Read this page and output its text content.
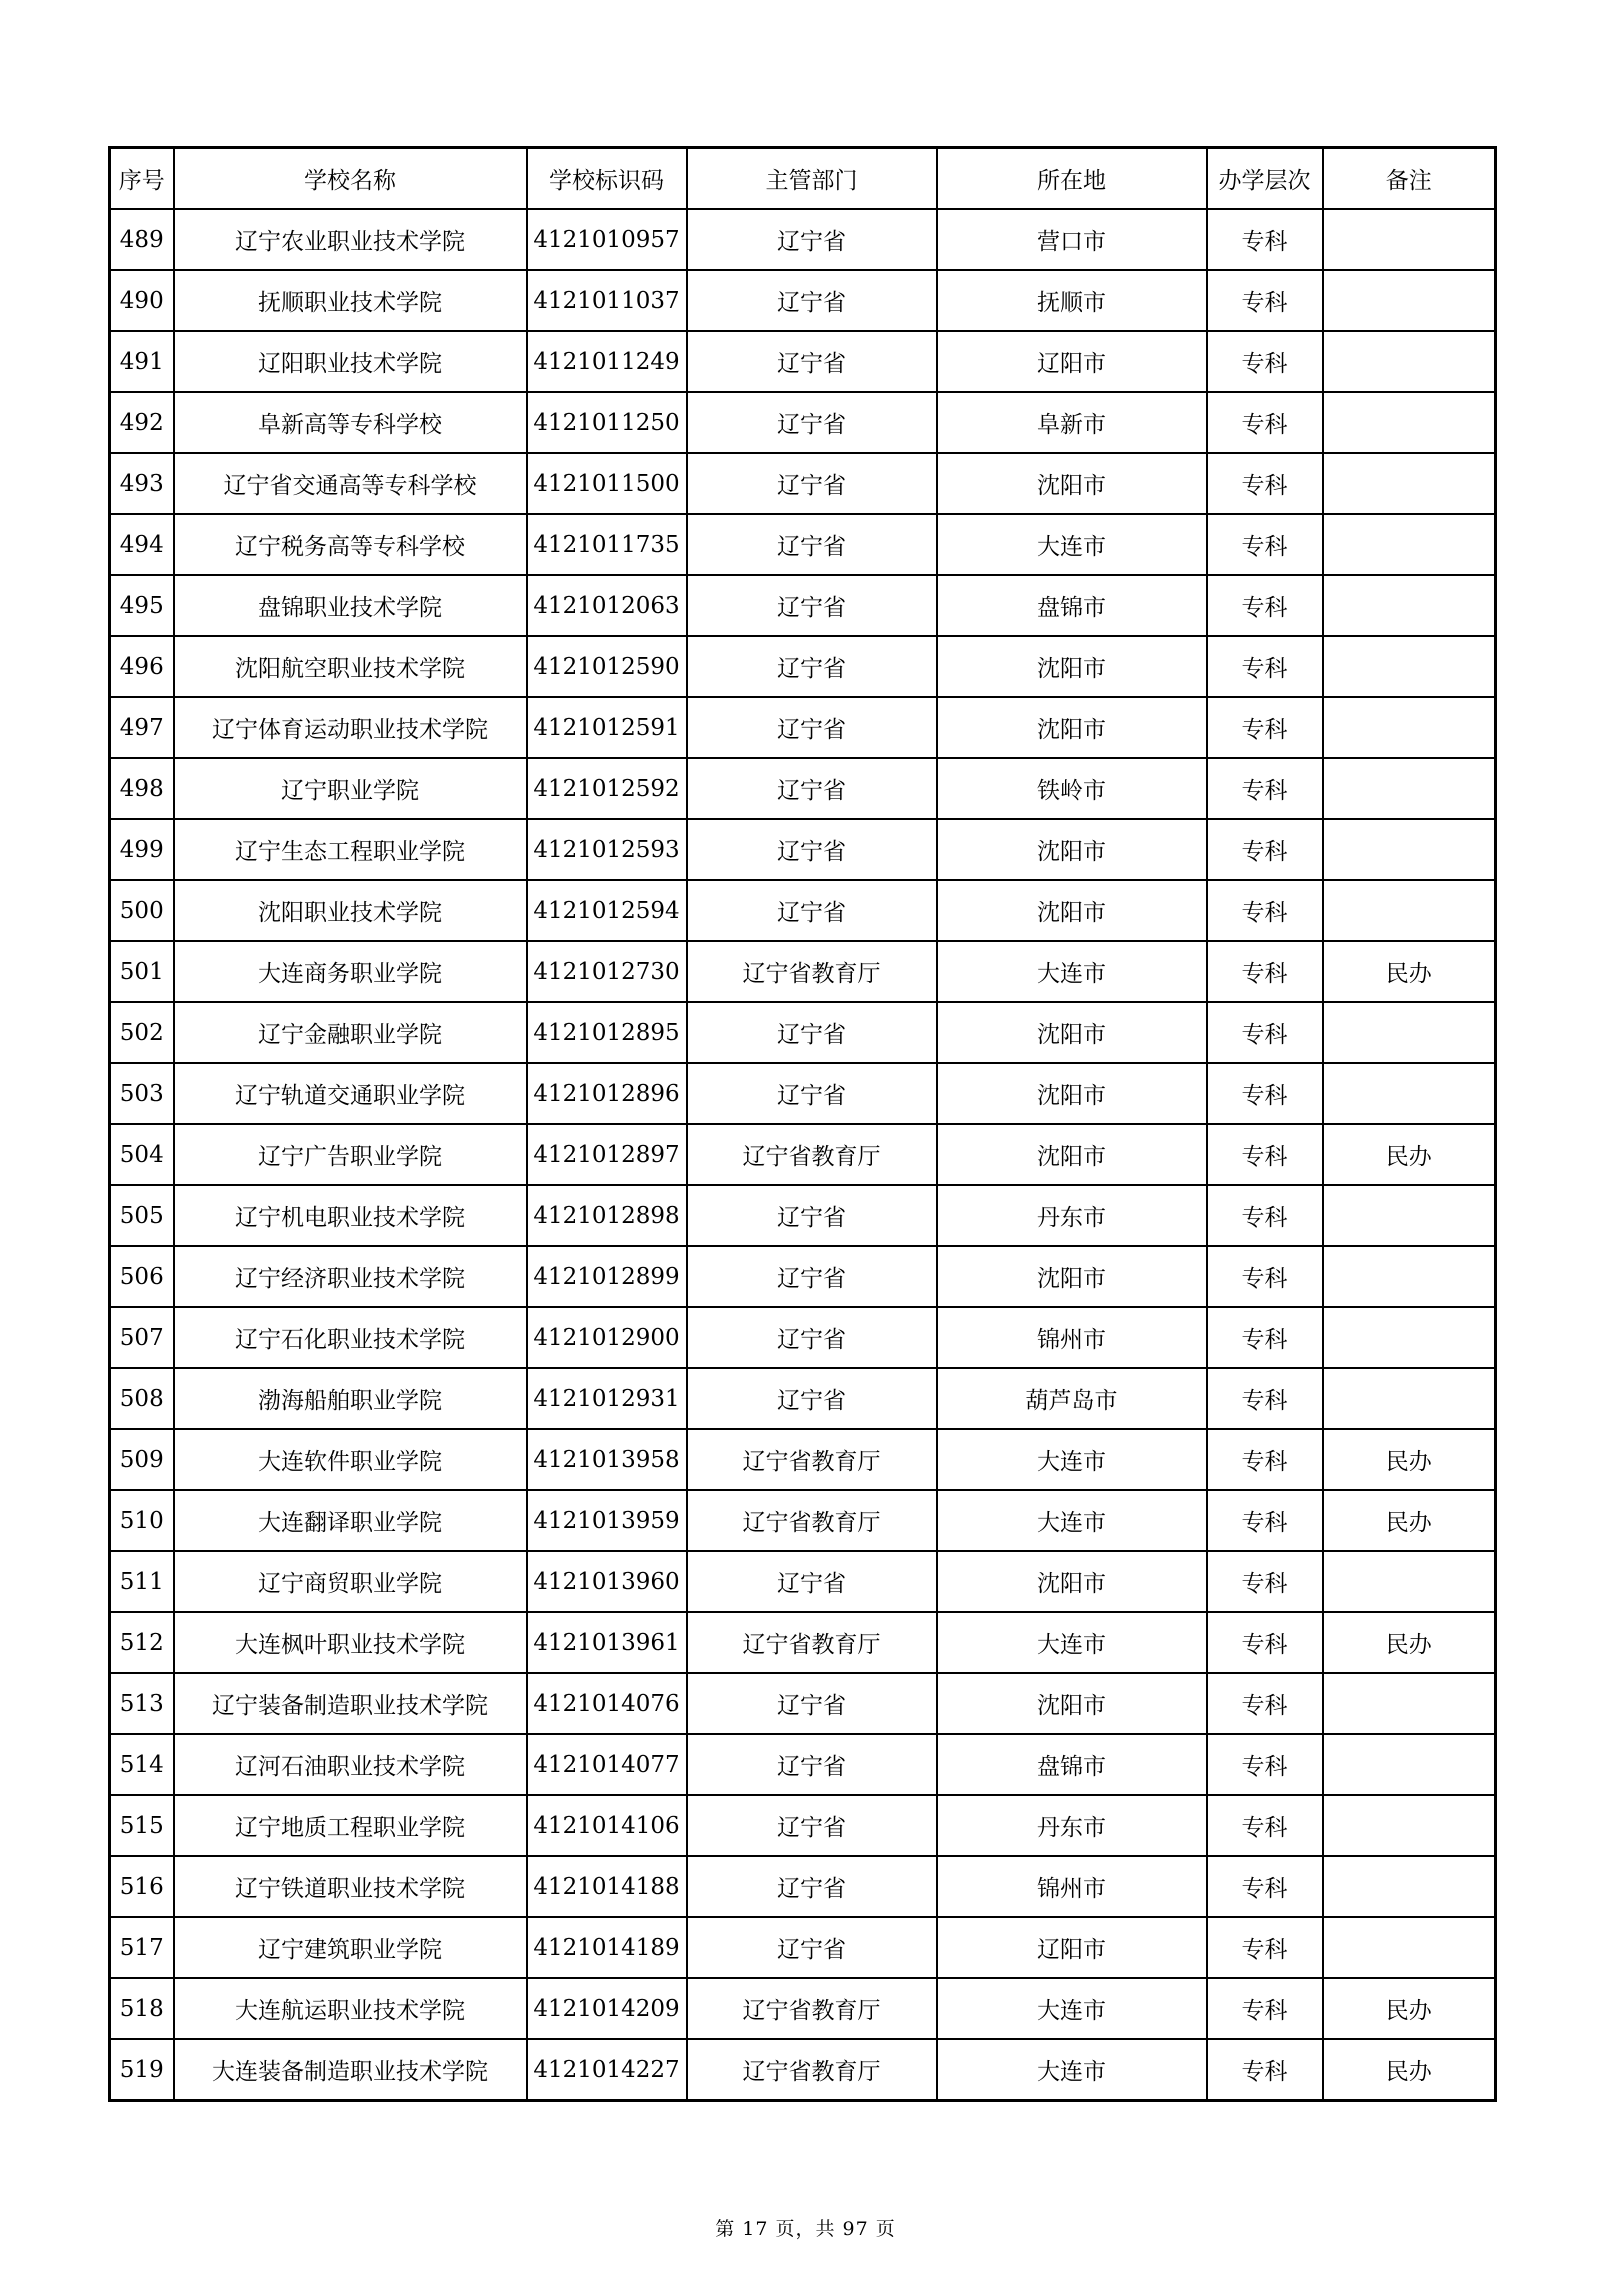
序号	学校名称	学校标识码	主管部门	所在地	办学层次	备注
489	辽宁农业职业技术学院	4121010957	辽宁省	营口市	专科	
490	抚顺职业技术学院	4121011037	辽宁省	抚顺市	专科	
491	辽阳职业技术学院	4121011249	辽宁省	辽阳市	专科	
492	阜新高等专科学校	4121011250	辽宁省	阜新市	专科	
493	辽宁省交通高等专科学校	4121011500	辽宁省	沈阳市	专科	
494	辽宁税务高等专科学校	4121011735	辽宁省	大连市	专科	
495	盘锦职业技术学院	4121012063	辽宁省	盘锦市	专科	
496	沈阳航空职业技术学院	4121012590	辽宁省	沈阳市	专科	
497	辽宁体育运动职业技术学院	4121012591	辽宁省	沈阳市	专科	
498	辽宁职业学院	4121012592	辽宁省	铁岭市	专科	
499	辽宁生态工程职业学院	4121012593	辽宁省	沈阳市	专科	
500	沈阳职业技术学院	4121012594	辽宁省	沈阳市	专科	
501	大连商务职业学院	4121012730	辽宁省教育厅	大连市	专科	民办
502	辽宁金融职业学院	4121012895	辽宁省	沈阳市	专科	
503	辽宁轨道交通职业学院	4121012896	辽宁省	沈阳市	专科	
504	辽宁广告职业学院	4121012897	辽宁省教育厅	沈阳市	专科	民办
505	辽宁机电职业技术学院	4121012898	辽宁省	丹东市	专科	
506	辽宁经济职业技术学院	4121012899	辽宁省	沈阳市	专科	
507	辽宁石化职业技术学院	4121012900	辽宁省	锦州市	专科	
508	渤海船舶职业学院	4121012931	辽宁省	葫芦岛市	专科	
509	大连软件职业学院	4121013958	辽宁省教育厅	大连市	专科	民办
510	大连翻译职业学院	4121013959	辽宁省教育厅	大连市	专科	民办
511	辽宁商贸职业学院	4121013960	辽宁省	沈阳市	专科	
512	大连枫叶职业技术学院	4121013961	辽宁省教育厅	大连市	专科	民办
513	辽宁装备制造职业技术学院	4121014076	辽宁省	沈阳市	专科	
514	辽河石油职业技术学院	4121014077	辽宁省	盘锦市	专科	
515	辽宁地质工程职业学院	4121014106	辽宁省	丹东市	专科	
516	辽宁铁道职业技术学院	4121014188	辽宁省	锦州市	专科	
517	辽宁建筑职业学院	4121014189	辽宁省	辽阳市	专科	
518	大连航运职业技术学院	4121014209	辽宁省教育厅	大连市	专科	民办
519	大连装备制造职业技术学院	4121014227	辽宁省教育厅	大连市	专科	民办
第 17 页，共 97 页
